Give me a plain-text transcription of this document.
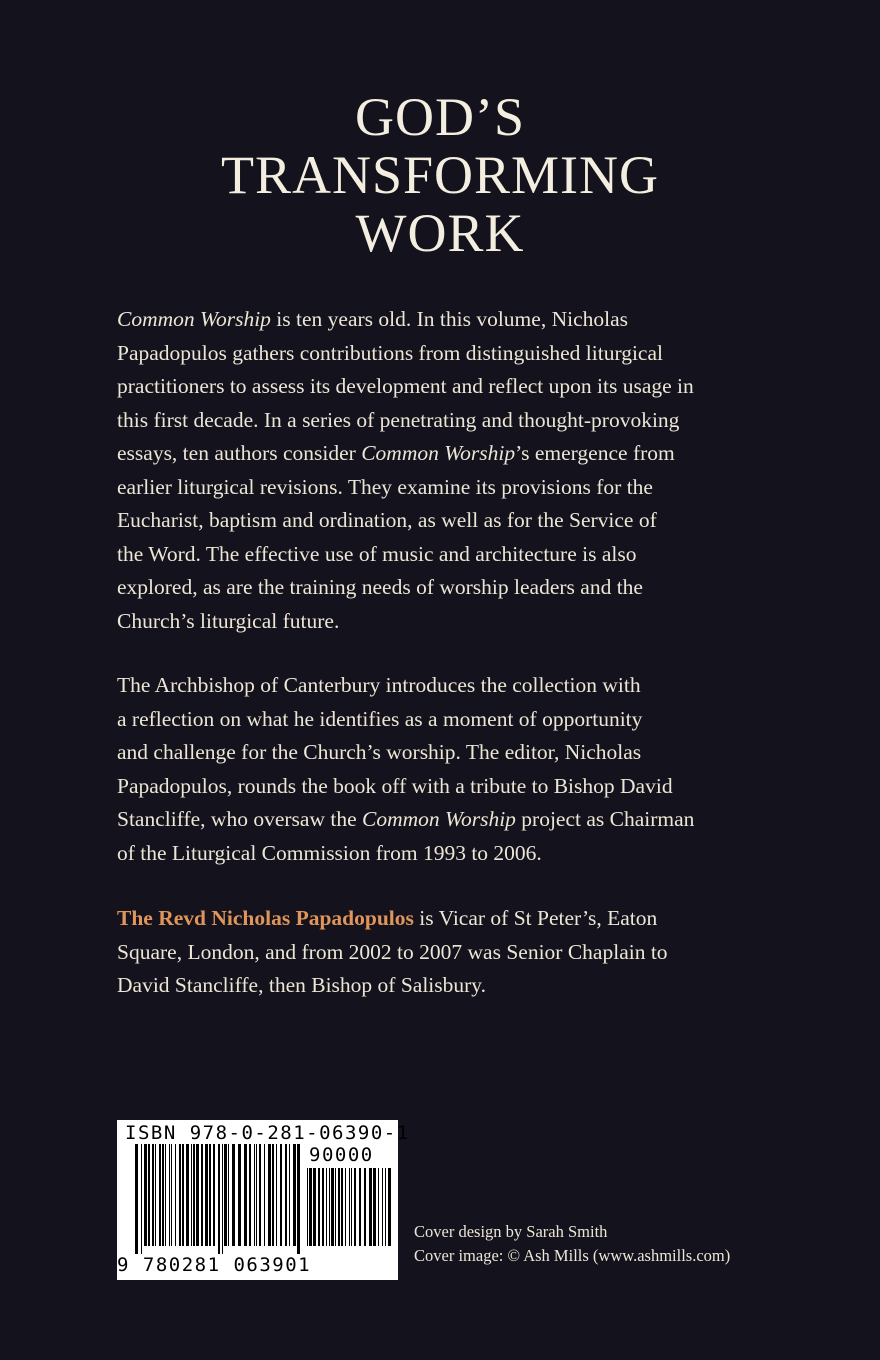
GOD’S
TRANSFORMING
WORK
Common Worship is ten years old. In this volume, Nicholas
Papadopulos gathers contributions from distinguished liturgical
practitioners to assess its development and reflect upon its usage in
this first decade. In a series of penetrating and thought-provoking
essays, ten authors consider Common Worship’s emergence from
earlier liturgical revisions. They examine its provisions for the
Eucharist, baptism and ordination, as well as for the Service of
the Word. The effective use of music and architecture is also
explored, as are the training needs of worship leaders and the
Church’s liturgical future.
The Archbishop of Canterbury introduces the collection with
a reflection on what he identifies as a moment of opportunity
and challenge for the Church’s worship. The editor, Nicholas
Papadopulos, rounds the book off with a tribute to Bishop David
Stancliffe, who oversaw the Common Worship project as Chairman
of the Liturgical Commission from 1993 to 2006.
The Revd Nicholas Papadopulos is Vicar of St Peter’s, Eaton
Square, London, and from 2002 to 2007 was Senior Chaplain to
David Stancliffe, then Bishop of Salisbury.
ISBN 978-0-281-06390-1
90000
9 780281 063901
Cover design by Sarah Smith
Cover image: © Ash Mills (www.ashmills.com)
